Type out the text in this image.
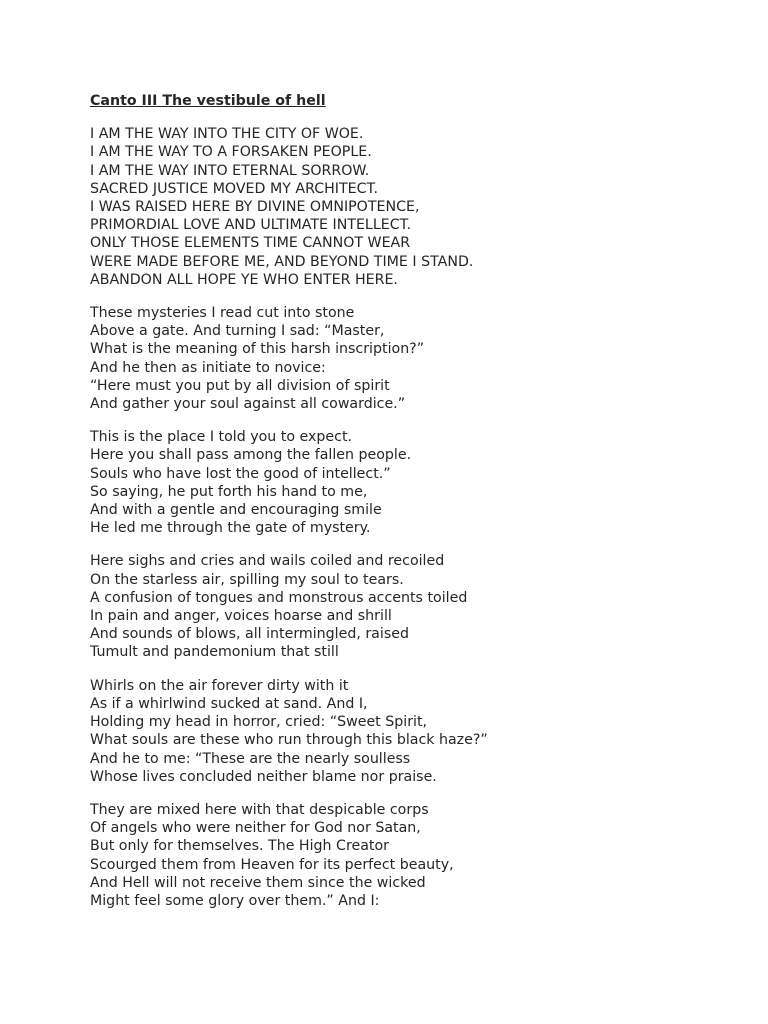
Canto III The vestibule of hell
I AM THE WAY INTO THE CITY OF WOE.
I AM THE WAY TO A FORSAKEN PEOPLE.
I AM THE WAY INTO ETERNAL SORROW.
SACRED JUSTICE MOVED MY ARCHITECT.
I WAS RAISED HERE BY DIVINE OMNIPOTENCE,
PRIMORDIAL LOVE AND ULTIMATE INTELLECT.
ONLY THOSE ELEMENTS TIME CANNOT WEAR
WERE MADE BEFORE ME, AND BEYOND TIME I STAND.
ABANDON ALL HOPE YE WHO ENTER HERE.
These mysteries I read cut into stone
Above a gate. And turning I sad: “Master,
What is the meaning of this harsh inscription?”
And he then as initiate to novice:
“Here must you put by all division of spirit
And gather your soul against all cowardice.”
This is the place I told you to expect.
Here you shall pass among the fallen people.
Souls who have lost the good of intellect.”
So saying, he put forth his hand to me,
And with a gentle and encouraging smile
He led me through the gate of mystery.
Here sighs and cries and wails coiled and recoiled
On the starless air, spilling my soul to tears.
A confusion of tongues and monstrous accents toiled
In pain and anger, voices hoarse and shrill
And sounds of blows, all intermingled, raised
Tumult and pandemonium that still
Whirls on the air forever dirty with it
As if a whirlwind sucked at sand. And I,
Holding my head in horror, cried: “Sweet Spirit,
What souls are these who run through this black haze?”
And he to me: “These are the nearly soulless
Whose lives concluded neither blame nor praise.
They are mixed here with that despicable corps
Of angels who were neither for God nor Satan,
But only for themselves. The High Creator
Scourged them from Heaven for its perfect beauty,
And Hell will not receive them since the wicked
Might feel some glory over them.” And I:
